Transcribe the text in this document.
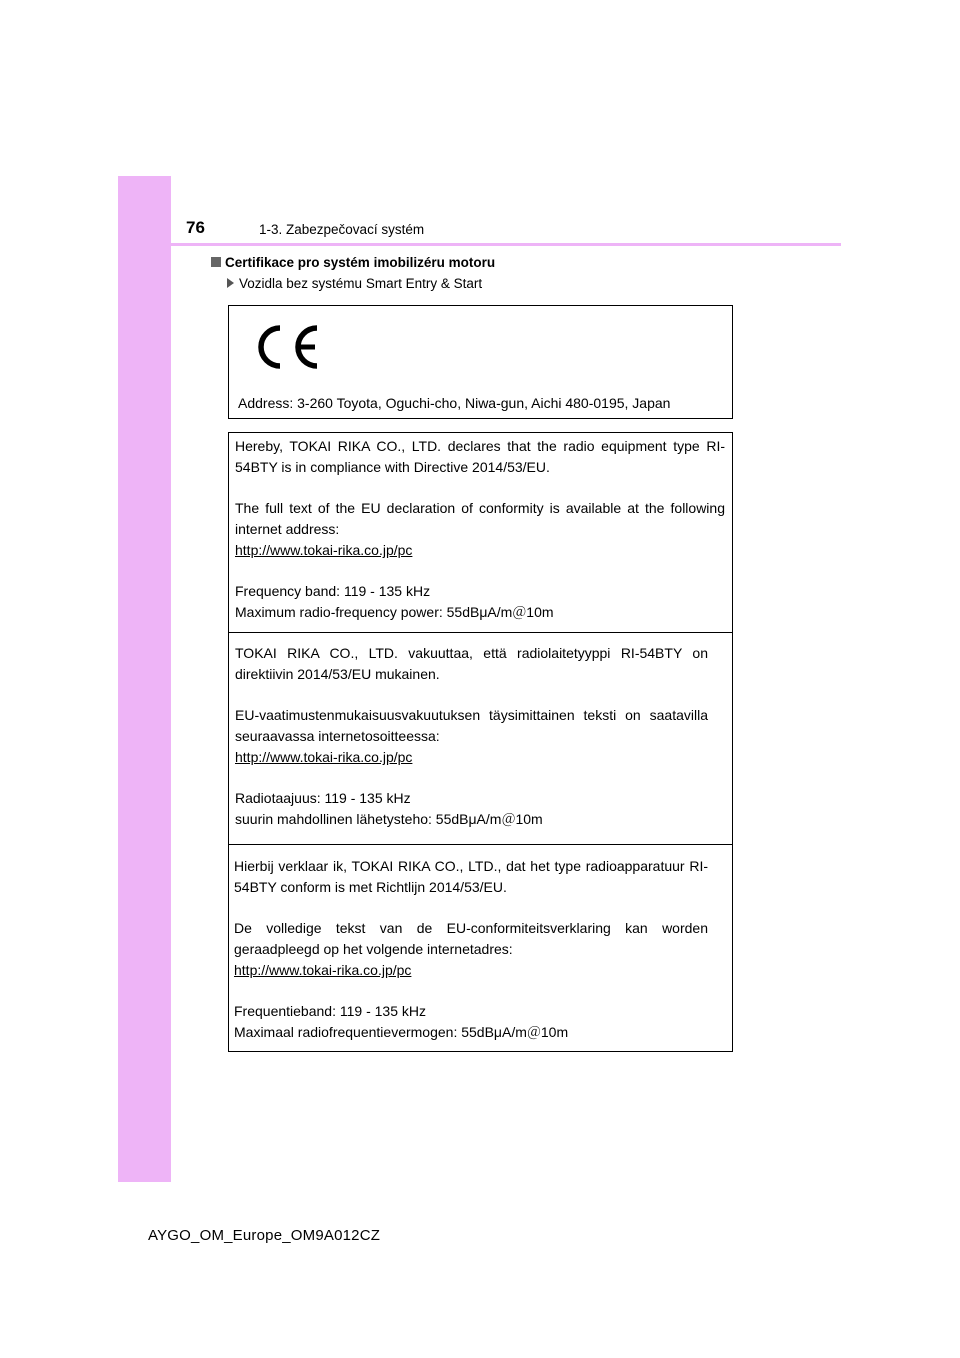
76	1-3. Zabezpečovací systém
Certifikace pro systém imobilizéru motoru
Vozidla bez systému Smart Entry & Start
Address: 3-260 Toyota, Oguchi-cho, Niwa-gun, Aichi 480-0195, Japan

Hereby, TOKAI RIKA CO., LTD. declares that the radio equipment type RI-54BTY is in compliance with Directive 2014/53/EU.

The full text of the EU declaration of conformity is available at the following internet address:

http://www.tokai-rika.co.jp/pc

Frequency band: 119 - 135 kHz

Maximum radio-frequency power: 55dBμA/m＠10m

TOKAI RIKA CO., LTD. vakuuttaa, että radiolaitetyyppi RI-54BTY on direktiivin 2014/53/EU mukainen.

EU-vaatimustenmukaisuusvakuutuksen täysimittainen teksti on saatavilla seuraavassa internetosoitteessa:

http://www.tokai-rika.co.jp/pc

Radiotaajuus: 119 - 135 kHz

suurin mahdollinen lähetysteho: 55dBμA/m＠10m

Hierbij verklaar ik, TOKAI RIKA CO., LTD., dat het type radioapparatuur RI-54BTY conform is met Richtlijn 2014/53/EU.

De volledige tekst van de EU-conformiteitsverklaring kan worden geraadpleegd op het volgende internetadres:

http://www.tokai-rika.co.jp/pc

Frequentieband: 119 - 135 kHz

Maximaal radiofrequentievermogen: 55dBμA/m＠10m

AYGO_OM_Europe_OM9A012CZ
